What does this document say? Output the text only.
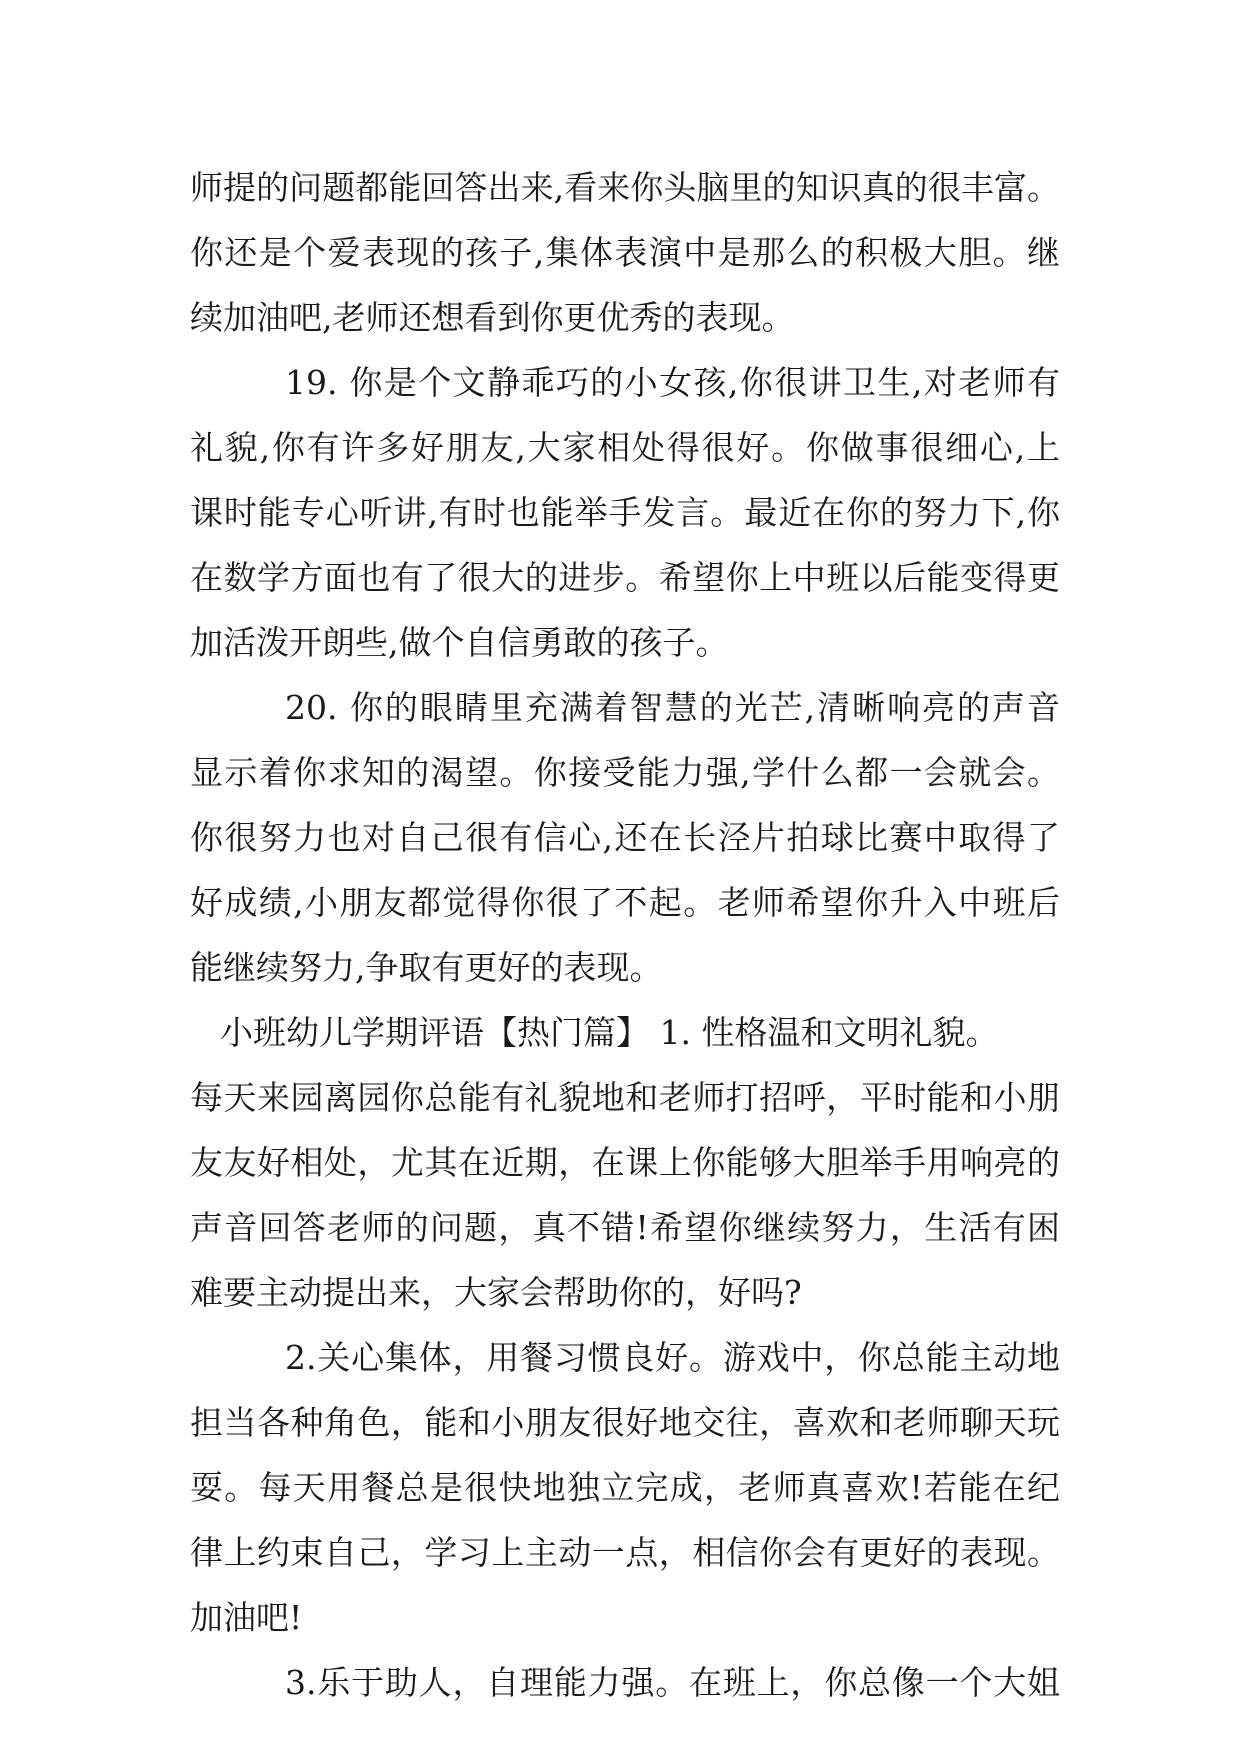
师提的问题都能回答出来,看来你头脑里的知识真的很丰富。
你还是个爱表现的孩子,集体表演中是那么的积极大胆。继
续加油吧,老师还想看到你更优秀的表现。
19. 你是个文静乖巧的小女孩,你很讲卫生,对老师有
礼貌,你有许多好朋友,大家相处得很好。你做事很细心,上
课时能专心听讲,有时也能举手发言。最近在你的努力下,你
在数学方面也有了很大的进步。希望你上中班以后能变得更
加活泼开朗些,做个自信勇敢的孩子。
20. 你的眼睛里充满着智慧的光芒,清晰响亮的声音
显示着你求知的渴望。你接受能力强,学什么都一会就会。
你很努力也对自己很有信心,还在长泾片拍球比赛中取得了
好成绩,小朋友都觉得你很了不起。老师希望你升入中班后
能继续努力,争取有更好的表现。
小班幼儿学期评语【热门篇】 1. 性格温和文明礼貌。
每天来园离园你总能有礼貌地和老师打招呼，平时能和小朋
友友好相处，尤其在近期，在课上你能够大胆举手用响亮的
声音回答老师的问题，真不错!希望你继续努力，生活有困
难要主动提出来，大家会帮助你的，好吗?
2.关心集体，用餐习惯良好。游戏中，你总能主动地
担当各种角色，能和小朋友很好地交往，喜欢和老师聊天玩
耍。每天用餐总是很快地独立完成，老师真喜欢!若能在纪
律上约束自己，学习上主动一点，相信你会有更好的表现。
加油吧!
3.乐于助人，自理能力强。在班上，你总像一个大姐
